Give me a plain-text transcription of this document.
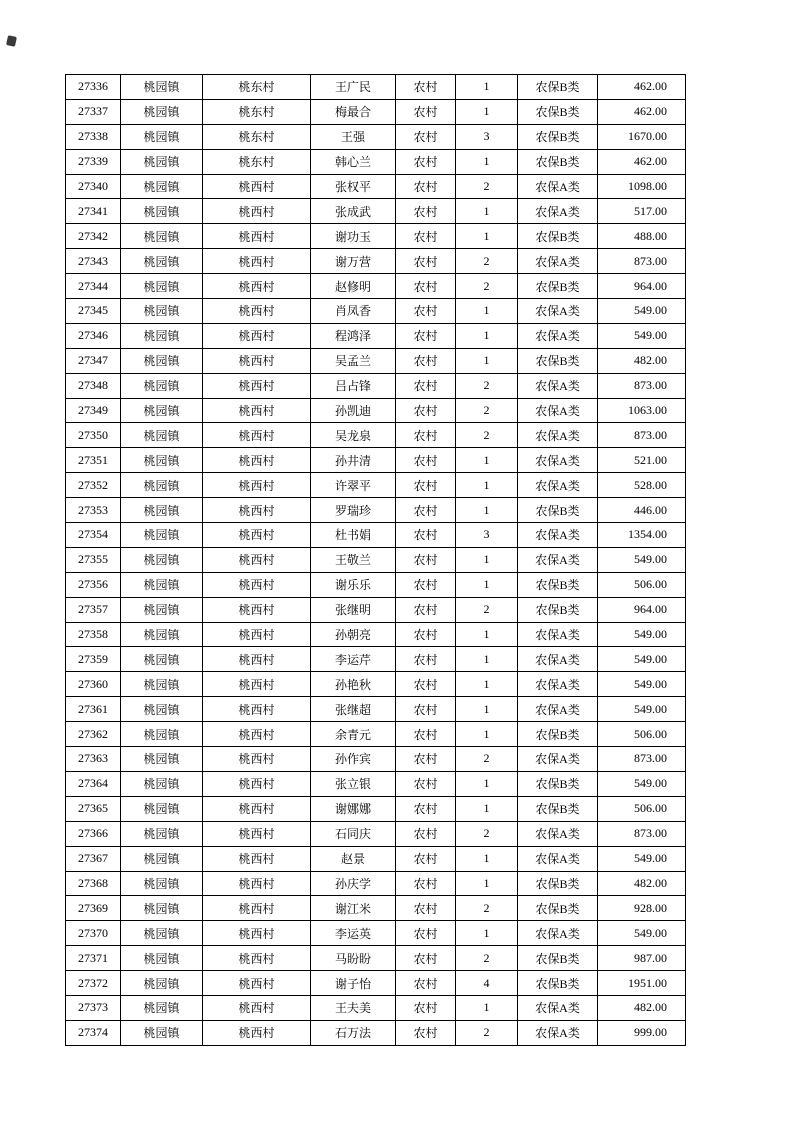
27336	桃园镇	桃东村	王广民	农村	1	农保B类	462.00
27337	桃园镇	桃东村	梅最合	农村	1	农保B类	462.00
27338	桃园镇	桃东村	王强	农村	3	农保B类	1670.00
27339	桃园镇	桃东村	韩心兰	农村	1	农保B类	462.00
27340	桃园镇	桃西村	张权平	农村	2	农保A类	1098.00
27341	桃园镇	桃西村	张成武	农村	1	农保A类	517.00
27342	桃园镇	桃西村	谢功玉	农村	1	农保B类	488.00
27343	桃园镇	桃西村	谢万营	农村	2	农保A类	873.00
27344	桃园镇	桃西村	赵修明	农村	2	农保B类	964.00
27345	桃园镇	桃西村	肖凤香	农村	1	农保A类	549.00
27346	桃园镇	桃西村	程鸿泽	农村	1	农保A类	549.00
27347	桃园镇	桃西村	吴孟兰	农村	1	农保B类	482.00
27348	桃园镇	桃西村	吕占锋	农村	2	农保A类	873.00
27349	桃园镇	桃西村	孙凯迪	农村	2	农保A类	1063.00
27350	桃园镇	桃西村	吴龙泉	农村	2	农保A类	873.00
27351	桃园镇	桃西村	孙井清	农村	1	农保A类	521.00
27352	桃园镇	桃西村	许翠平	农村	1	农保A类	528.00
27353	桃园镇	桃西村	罗瑞珍	农村	1	农保B类	446.00
27354	桃园镇	桃西村	杜书娟	农村	3	农保A类	1354.00
27355	桃园镇	桃西村	王敬兰	农村	1	农保A类	549.00
27356	桃园镇	桃西村	谢乐乐	农村	1	农保B类	506.00
27357	桃园镇	桃西村	张继明	农村	2	农保B类	964.00
27358	桃园镇	桃西村	孙朝亮	农村	1	农保A类	549.00
27359	桃园镇	桃西村	李运芹	农村	1	农保A类	549.00
27360	桃园镇	桃西村	孙艳秋	农村	1	农保A类	549.00
27361	桃园镇	桃西村	张继超	农村	1	农保A类	549.00
27362	桃园镇	桃西村	余青元	农村	1	农保B类	506.00
27363	桃园镇	桃西村	孙作宾	农村	2	农保A类	873.00
27364	桃园镇	桃西村	张立银	农村	1	农保B类	549.00
27365	桃园镇	桃西村	谢娜娜	农村	1	农保B类	506.00
27366	桃园镇	桃西村	石同庆	农村	2	农保A类	873.00
27367	桃园镇	桃西村	赵景	农村	1	农保A类	549.00
27368	桃园镇	桃西村	孙庆学	农村	1	农保B类	482.00
27369	桃园镇	桃西村	谢江米	农村	2	农保B类	928.00
27370	桃园镇	桃西村	李运英	农村	1	农保A类	549.00
27371	桃园镇	桃西村	马盼盼	农村	2	农保B类	987.00
27372	桃园镇	桃西村	谢子怡	农村	4	农保B类	1951.00
27373	桃园镇	桃西村	王夫美	农村	1	农保A类	482.00
27374	桃园镇	桃西村	石万法	农村	2	农保A类	999.00
